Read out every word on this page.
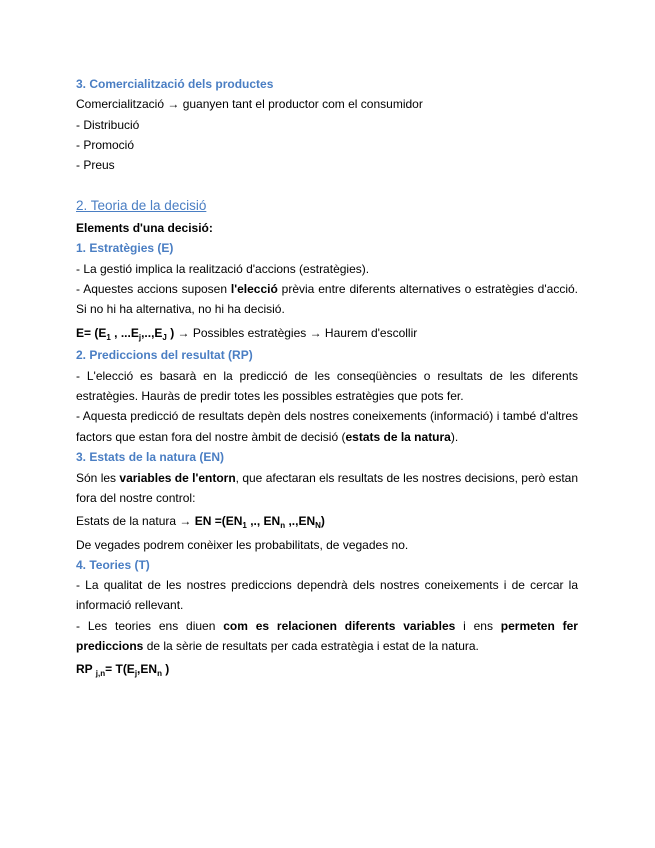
3. Comercialització dels productes
Comercialització → guanyen tant el productor com el consumidor
- Distribució
- Promoció
- Preus
2. Teoria de la decisió
Elements d'una decisió:
1. Estratègies (E)
- La gestió implica la realització d'accions (estratègies).
- Aquestes accions suposen l'elecció prèvia entre diferents alternatives o estratègies d'acció.
Si no hi ha alternativa, no hi ha decisió.
$E= (E_1$ , $...E_j,..,E_J$ ) → Possibles estratègies → Haurem d'escollir
2. Prediccions del resultat (RP)
- L'elecció es basarà en la predicció de les conseqüències o resultats de les diferents
estratègies. Hauràs de predir totes les possibles estratègies que pots fer.
- Aquesta predicció de resultats depèn dels nostres coneixements (informació) i també d'altres
factors que estan fora del nostre àmbit de decisió (estats de la natura).
3. Estats de la natura (EN)
Són les variables de l'entorn, que afectaran els resultats de les nostres decisions, però estan
fora del nostre control:
Estats de la natura → EN $=(EN_1$ ,., $EN_n$ $,.,EN_N$)
De vegades podrem conèixer les probabilitats, de vegades no.
4. Teories (T)
- La qualitat de les nostres prediccions dependrà dels nostres coneixements i de cercar la
informació rellevant.
- Les teories ens diuen com es relacionen diferents variables i ens permeten fer
prediccions de la sèrie de resultats per cada estratègia i estat de la natura.
RP $_{j,n}= T(E_j,EN_n$ )
